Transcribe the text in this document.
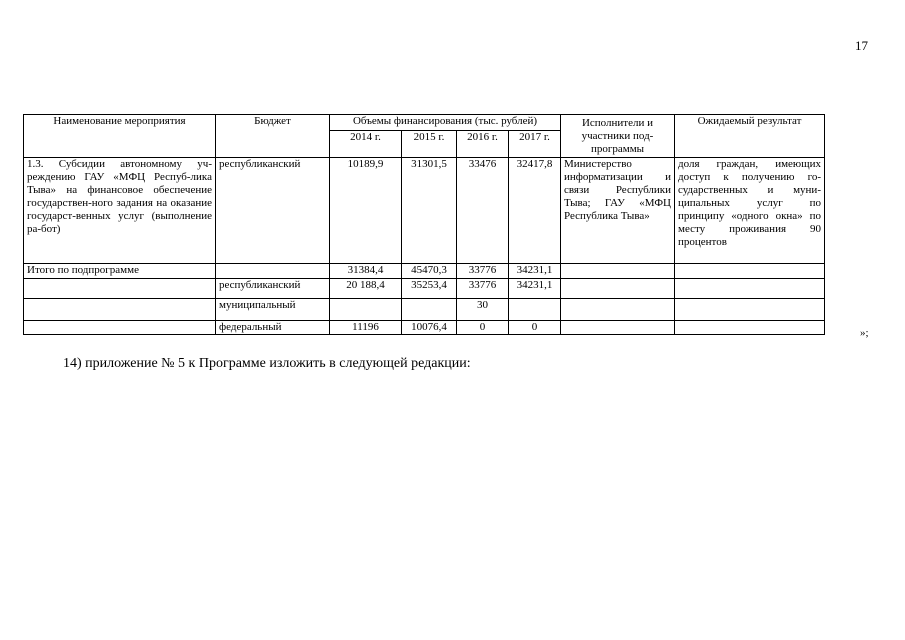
17
Наименование мероприятия	Бюджет	Объемы финансирования (тыс. рублей)				Исполнители и участники под-программы	Ожидаемый результат
		2014 г.	2015 г.	2016 г.	2017 г.		
1.3. Субсидии автономному уч-реждению ГАУ «МФЦ Респуб-лика Тыва» на финансовое обеспечение государствен-ного задания на оказание государст-венных услуг (выполнение ра-бот)	республиканский	10189,9	31301,5	33476	32417,8	Министерство информатизации и связи Республики Тыва; ГАУ «МФЦ Республика Тыва»	доля граждан, имеющих доступ к получению го-сударственных и муни-ципальных услуг по принципу «одного окна» по месту проживания 90 процентов
Итого по подпрограмме		31384,4	45470,3	33776	34231,1		
	республиканский	20 188,4	35253,4	33776	34231,1		
	муниципальный			30			
	федеральный	11196	10076,4	0	0			»;
14) приложение № 5 к Программе изложить в следующей редакции:
